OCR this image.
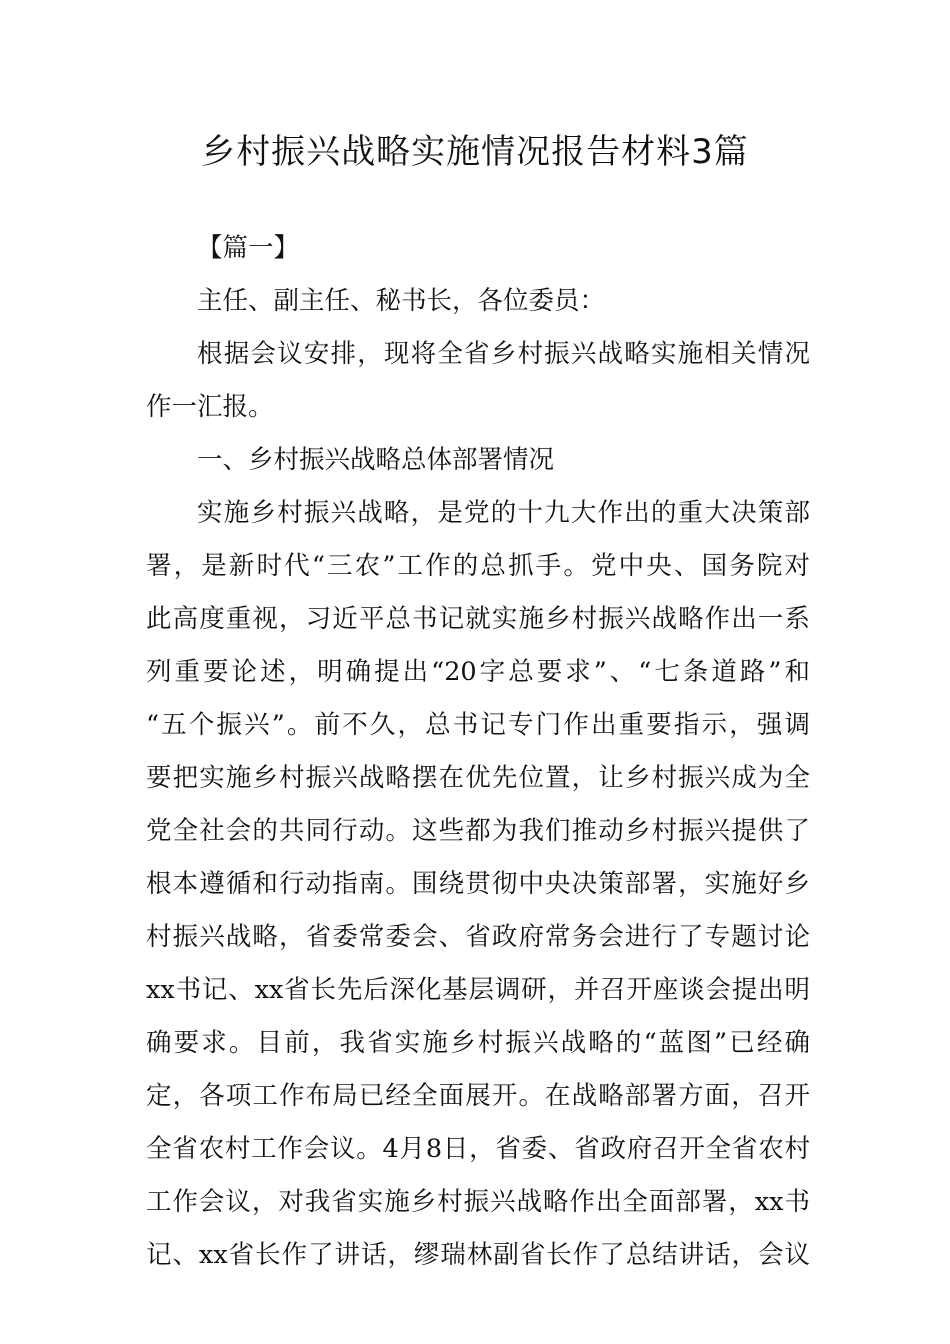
乡村振兴战略实施情况报告材料3篇

【篇一】

主任、副主任、秘书长，各位委员：

根据会议安排，现将全省乡村振兴战略实施相关情况
作一汇报。

一、乡村振兴战略总体部署情况

实施乡村振兴战略，是党的十九大作出的重大决策部
署，是新时代“三农”工作的总抓手。党中央、国务院对
此高度重视，习近平总书记就实施乡村振兴战略作出一系
列重要论述，明确提出“20字总要求”、“七条道路”和
“五个振兴”。前不久，总书记专门作出重要指示，强调
要把实施乡村振兴战略摆在优先位置，让乡村振兴成为全
党全社会的共同行动。这些都为我们推动乡村振兴提供了
根本遵循和行动指南。围绕贯彻中央决策部署，实施好乡
村振兴战略，省委常委会、省政府常务会进行了专题讨论
xx书记、xx省长先后深化基层调研，并召开座谈会提出明
确要求。目前，我省实施乡村振兴战略的“蓝图”已经确
定，各项工作布局已经全面展开。在战略部署方面，召开
全省农村工作会议。4月8日，省委、省政府召开全省农村
工作会议，对我省实施乡村振兴战略作出全面部署，xx书
记、xx省长作了讲话，缪瑞林副省长作了总结讲话，会议
